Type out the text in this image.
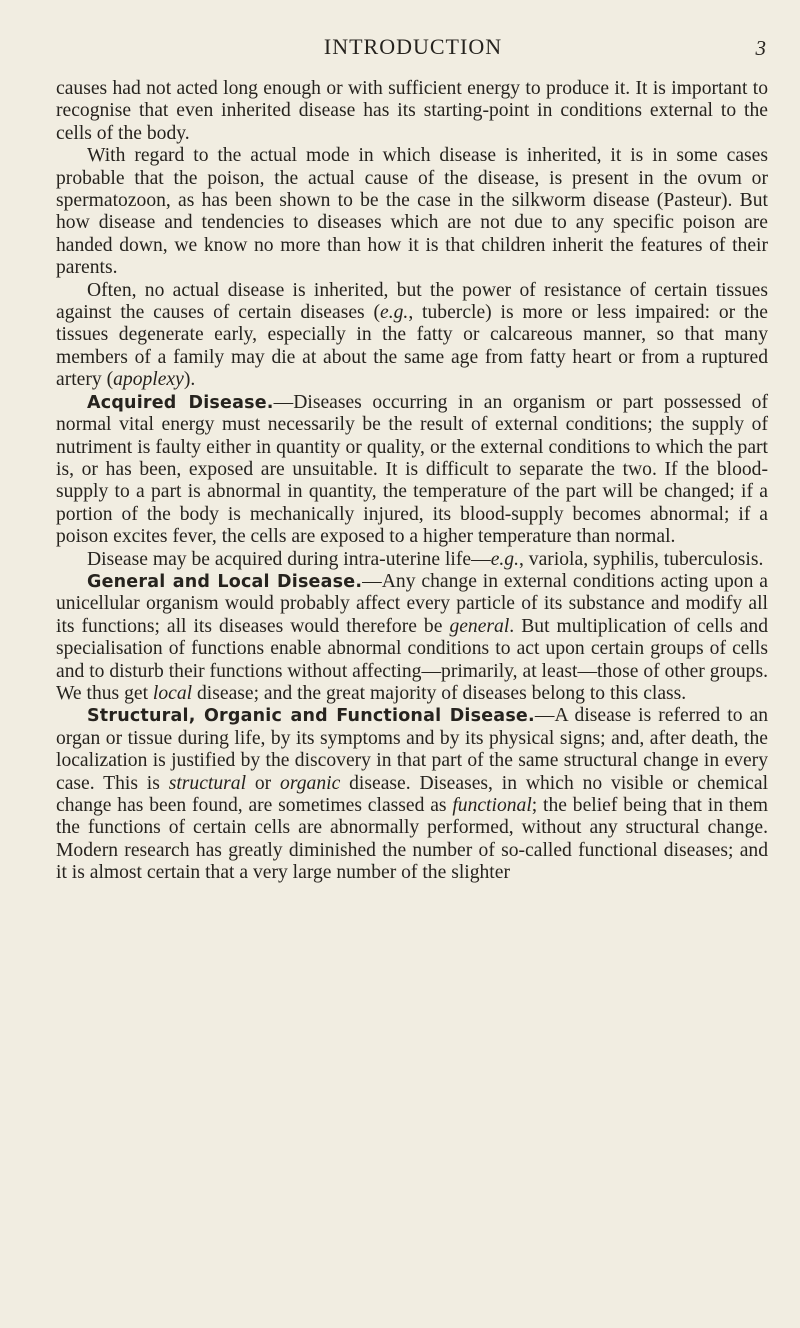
INTRODUCTION	3

causes had not acted long enough or with sufficient energy to produce it. It is important to recognise that even inherited disease has its starting-point in conditions external to the cells of the body.

With regard to the actual mode in which disease is inherited, it is in some cases probable that the poison, the actual cause of the disease, is present in the ovum or spermatozoon, as has been shown to be the case in the silkworm disease (Pasteur). But how disease and tendencies to diseases which are not due to any specific poison are handed down, we know no more than how it is that children inherit the features of their parents.

Often, no actual disease is inherited, but the power of resistance of certain tissues against the causes of certain diseases (e.g., tubercle) is more or less impaired: or the tissues degenerate early, especially in the fatty or calcareous manner, so that many members of a family may die at about the same age from fatty heart or from a ruptured artery (apoplexy).

Acquired Disease.—Diseases occurring in an organism or part possessed of normal vital energy must necessarily be the result of external conditions; the supply of nutriment is faulty either in quantity or quality, or the external conditions to which the part is, or has been, exposed are unsuitable. It is difficult to separate the two. If the blood-supply to a part is abnormal in quantity, the temperature of the part will be changed; if a portion of the body is mechanically injured, its blood-supply becomes abnormal; if a poison excites fever, the cells are exposed to a higher temperature than normal.

Disease may be acquired during intra-uterine life—e.g., variola, syphilis, tuberculosis.

General and Local Disease.—Any change in external conditions acting upon a unicellular organism would probably affect every particle of its substance and modify all its functions; all its diseases would therefore be general. But multiplication of cells and specialisation of functions enable abnormal conditions to act upon certain groups of cells and to disturb their functions without affecting—primarily, at least—those of other groups. We thus get local disease; and the great majority of diseases belong to this class.

Structural, Organic and Functional Disease.—A disease is referred to an organ or tissue during life, by its symptoms and by its physical signs; and, after death, the localization is justified by the discovery in that part of the same structural change in every case. This is structural or organic disease. Diseases, in which no visible or chemical change has been found, are sometimes classed as functional; the belief being that in them the functions of certain cells are abnormally performed, without any structural change. Modern research has greatly diminished the number of so-called functional diseases; and it is almost certain that a very large number of the slighter
